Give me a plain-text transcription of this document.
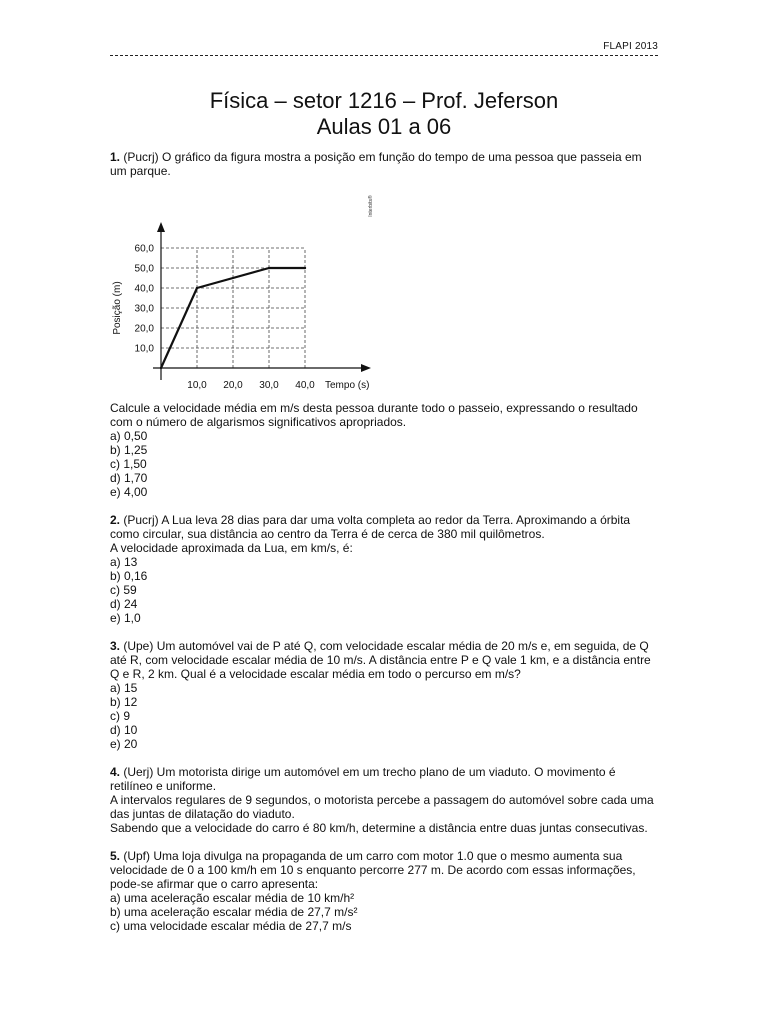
FLAPI 2013
Física – setor 1216 – Prof. Jeferson
Aulas 01 a 06

1. (Pucrj) O gráfico da figura mostra a posição em função do tempo de uma pessoa que passeia em um parque.

10,0 20,0 30,0 40,0
10,0
20,0
30,0
40,0
50,0
60,0
Tempo (s)
Posição (m)
Interbits®

Calcule a velocidade média em m/s desta pessoa durante todo o passeio, expressando o resultado com o número de algarismos significativos apropriados.

a) 0,50
b) 1,25
c) 1,50
d) 1,70
e) 4,00

2. (Pucrj) A Lua leva 28 dias para dar uma volta completa ao redor da Terra. Aproximando a órbita como circular, sua distância ao centro da Terra é de cerca de 380 mil quilômetros.

A velocidade aproximada da Lua, em km/s, é:

a) 13
b) 0,16
c) 59
d) 24
e) 1,0

3. (Upe) Um automóvel vai de P até Q, com velocidade escalar média de 20 m/s e, em seguida, de Q até R, com velocidade escalar média de 10 m/s. A distância entre P e Q vale 1 km, e a distância entre Q e R, 2 km. Qual é a velocidade escalar média em todo o percurso em m/s?

a) 15
b) 12
c) 9
d) 10
e) 20

4. (Uerj) Um motorista dirige um automóvel em um trecho plano de um viaduto. O movimento é retilíneo e uniforme.

A intervalos regulares de 9 segundos, o motorista percebe a passagem do automóvel sobre cada uma das juntas de dilatação do viaduto.

Sabendo que a velocidade do carro é 80 km/h, determine a distância entre duas juntas consecutivas.

5. (Upf) Uma loja divulga na propaganda de um carro com motor 1.0 que o mesmo aumenta sua velocidade de 0 a 100 km/h em 10 s enquanto percorre 277 m. De acordo com essas informações, pode-se afirmar que o carro apresenta:

a) uma aceleração escalar média de 10 km/h²
b) uma aceleração escalar média de 27,7 m/s²
c) uma velocidade escalar média de 27,7 m/s
